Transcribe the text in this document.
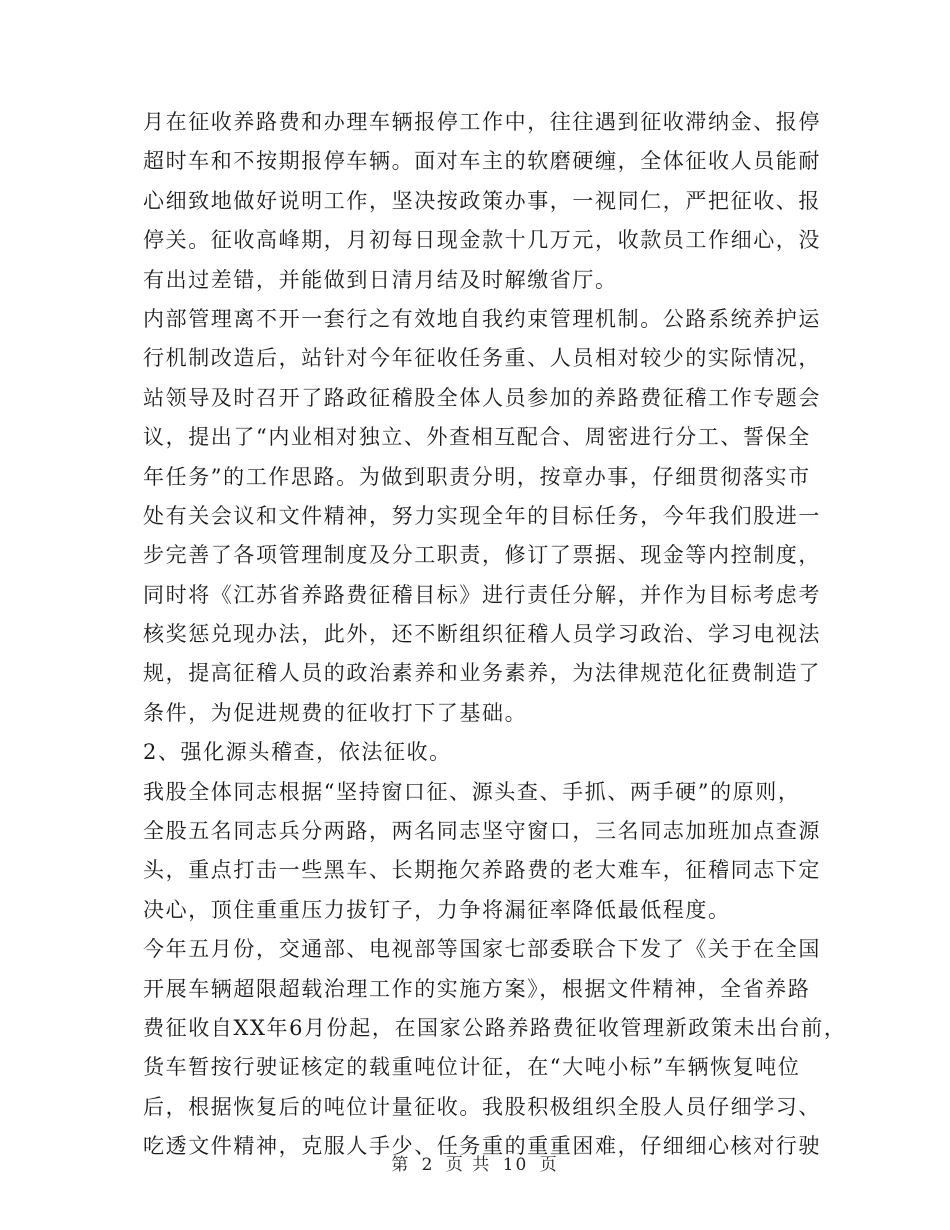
月在征收养路费和办理车辆报停工作中，往往遇到征收滞纳金、报停
超时车和不按期报停车辆。面对车主的软磨硬缠，全体征收人员能耐
心细致地做好说明工作，坚决按政策办事，一视同仁，严把征收、报
停关。征收高峰期，月初每日现金款十几万元，收款员工作细心，没
有出过差错，并能做到日清月结及时解缴省厅。
内部管理离不开一套行之有效地自我约束管理机制。公路系统养护运
行机制改造后，站针对今年征收任务重、人员相对较少的实际情况，
站领导及时召开了路政征稽股全体人员参加的养路费征稽工作专题会
议，提出了“内业相对独立、外查相互配合、周密进行分工、誓保全
年任务”的工作思路。为做到职责分明，按章办事，仔细贯彻落实市
处有关会议和文件精神，努力实现全年的目标任务，今年我们股进一
步完善了各项管理制度及分工职责，修订了票据、现金等内控制度，
同时将《江苏省养路费征稽目标》进行责任分解，并作为目标考虑考
核奖惩兑现办法，此外，还不断组织征稽人员学习政治、学习电视法
规，提高征稽人员的政治素养和业务素养，为法律规范化征费制造了
条件，为促进规费的征收打下了基础。
2、强化源头稽查，依法征收。
我股全体同志根据“坚持窗口征、源头查、手抓、两手硬”的原则，
全股五名同志兵分两路，两名同志坚守窗口，三名同志加班加点查源
头，重点打击一些黑车、长期拖欠养路费的老大难车，征稽同志下定
决心，顶住重重压力拔钉子，力争将漏征率降低最低程度。
今年五月份，交通部、电视部等国家七部委联合下发了《关于在全国
开展车辆超限超载治理工作的实施方案》，根据文件精神，全省养路
费征收自XX年6月份起，在国家公路养路费征收管理新政策未出台前，
货车暂按行驶证核定的载重吨位计征，在“大吨小标”车辆恢复吨位
后，根据恢复后的吨位计量征收。我股积极组织全股人员仔细学习、
吃透文件精神，克服人手少、任务重的重重困难，仔细细心核对行驶
第 2 页 共 10 页
